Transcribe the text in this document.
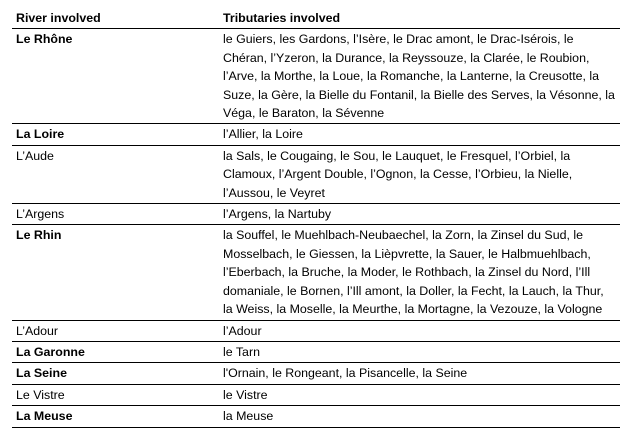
River involved	Tributaries involved
Le Rhône	le Guiers, les Gardons, l’Isère, le Drac amont, le Drac-Isérois, le Chéran, l’Yzeron, la Durance, la Reyssouze, la Clarée, le Roubion, l’Arve, la Morthe, la Loue, la Romanche, la Lanterne, la Creusotte, la Suze, la Gère, la Bielle du Fontanil, la Bielle des Serves, la Vésonne, la Véga, le Baraton, la Sévenne
La Loire	l’Allier, la Loire
L’Aude	la Sals, le Cougaing, le Sou, le Lauquet, le Fresquel, l’Orbiel, la Clamoux, l’Argent Double, l’Ognon, la Cesse, l’Orbieu, la Nielle, l’Aussou, le Veyret
L’Argens	l’Argens, la Nartuby
Le Rhin	la Souffel, le Muehlbach-Neubaechel, la Zorn, la Zinsel du Sud, le Mosselbach, le Giessen, la Lièpvrette, la Sauer, le Halbmuehlbach, l’Eberbach, la Bruche, la Moder, le Rothbach, la Zinsel du Nord, l’Ill domaniale, le Bornen, l’Ill amont, la Doller, la Fecht, la Lauch, la Thur, la Weiss, la Moselle, la Meurthe, la Mortagne, la Vezouze, la Vologne
L’Adour	l’Adour
La Garonne	le Tarn
La Seine	l'Ornain, le Rongeant, la Pisancelle, la Seine
Le Vistre	le Vistre
La Meuse	la Meuse
